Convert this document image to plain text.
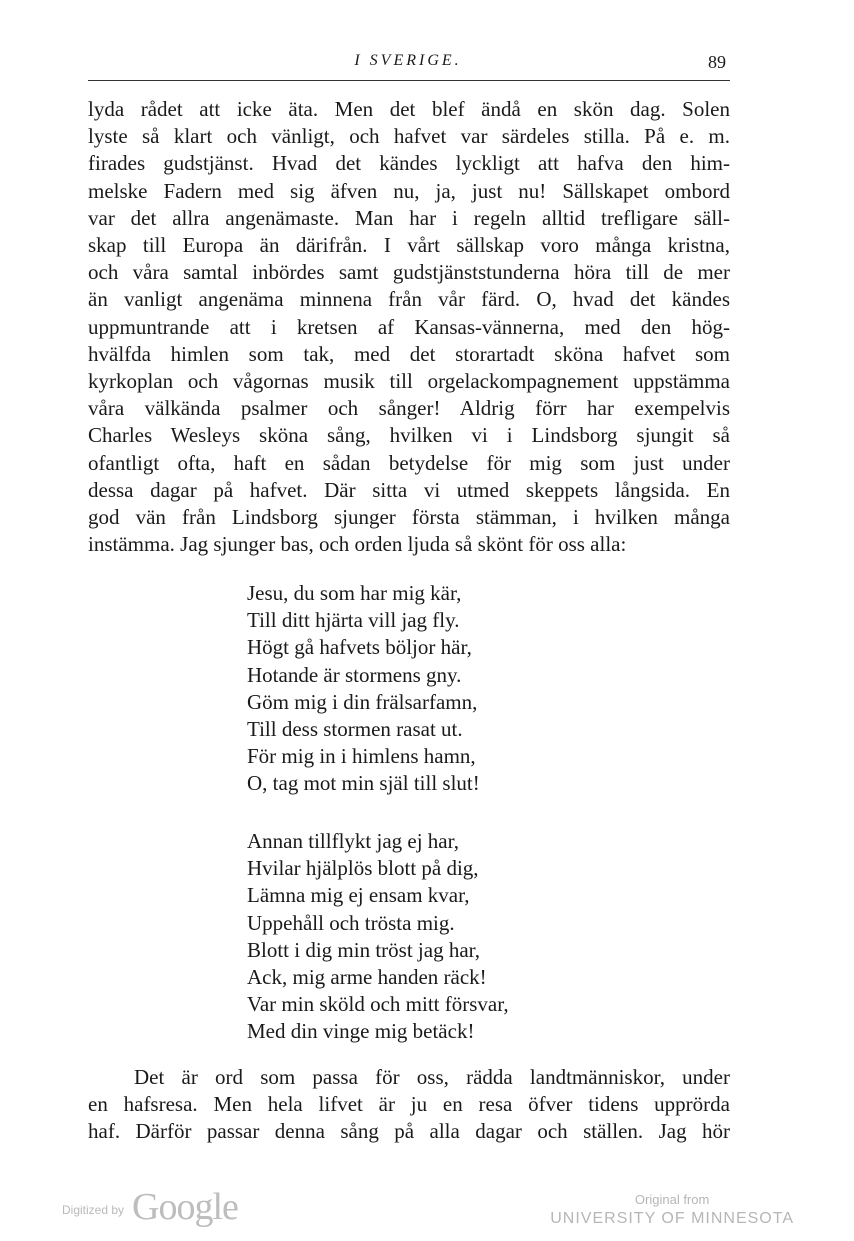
I SVERIGE.	89
lyda rådet att icke äta. Men det blef ändå en skön dag. Solen
lyste så klart och vänligt, och hafvet var särdeles stilla. På e. m.
firades gudstjänst. Hvad det kändes lyckligt att hafva den him-
melske Fadern med sig äfven nu, ja, just nu! Sällskapet ombord
var det allra angenämaste. Man har i regeln alltid trefligare säll-
skap till Europa än därifrån. I vårt sällskap voro många kristna,
och våra samtal inbördes samt gudstjänststunderna höra till de mer
än vanligt angenäma minnena från vår färd. O, hvad det kändes
uppmuntrande att i kretsen af Kansas-vännerna, med den hög-
hvälfda himlen som tak, med det storartadt sköna hafvet som
kyrkoplan och vågornas musik till orgelackompagnement uppstämma
våra välkända psalmer och sånger! Aldrig förr har exempelvis
Charles Wesleys sköna sång, hvilken vi i Lindsborg sjungit så
ofantligt ofta, haft en sådan betydelse för mig som just under
dessa dagar på hafvet. Där sitta vi utmed skeppets långsida. En
god vän från Lindsborg sjunger första stämman, i hvilken många
instämma. Jag sjunger bas, och orden ljuda så skönt för oss alla:
Jesu, du som har mig kär,
Till ditt hjärta vill jag fly.
Högt gå hafvets böljor här,
Hotande är stormens gny.
Göm mig i din frälsarfamn,
Till dess stormen rasat ut.
För mig in i himlens hamn,
O, tag mot min själ till slut!
Annan tillflykt jag ej har,
Hvilar hjälplös blott på dig,
Lämna mig ej ensam kvar,
Uppehåll och trösta mig.
Blott i dig min tröst jag har,
Ack, mig arme handen räck!
Var min sköld och mitt försvar,
Med din vinge mig betäck!
Det är ord som passa för oss, rädda landtmänniskor, under
en hafsresa. Men hela lifvet är ju en resa öfver tidens upprörda
haf. Därför passar denna sång på alla dagar och ställen. Jag hör
Digitized by Google	Original from
UNIVERSITY OF MINNESOTA
